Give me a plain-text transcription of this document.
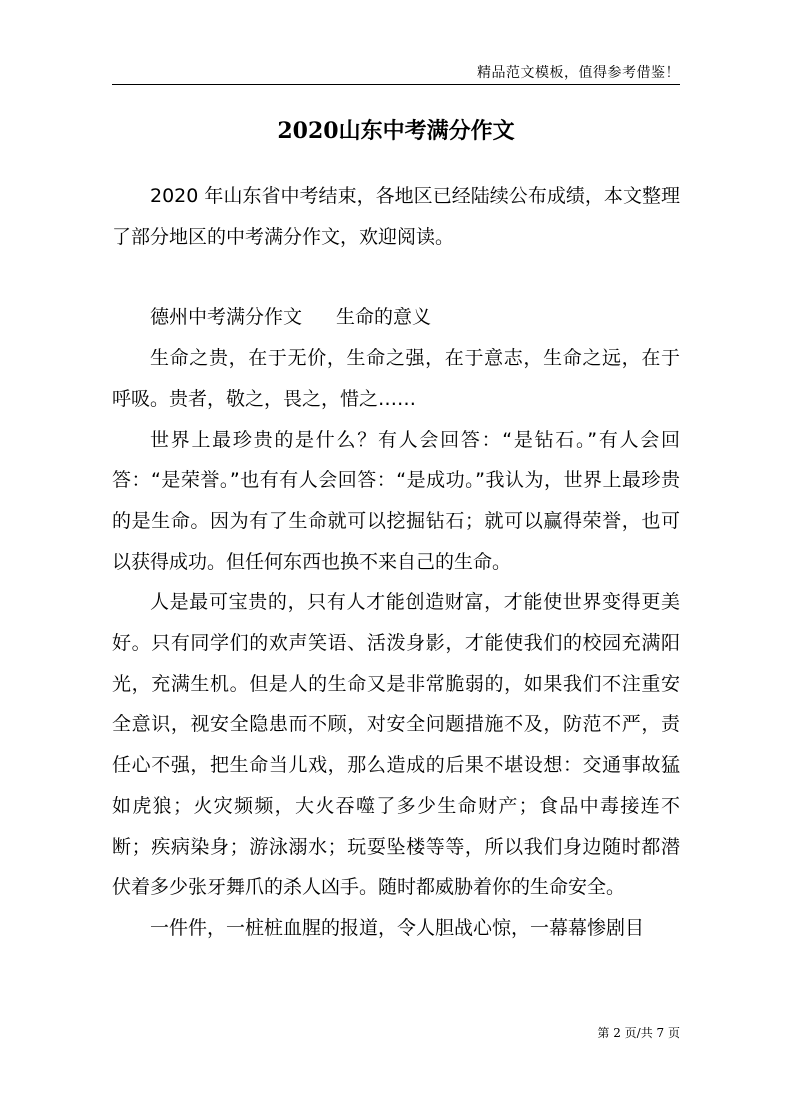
精品范文模板，值得参考借鉴！
2020山东中考满分作文

2020 年山东省中考结束，各地区已经陆续公布成绩，本文整理了部分地区的中考满分作文，欢迎阅读。

德州中考满分作文 生命的意义

生命之贵，在于无价，生命之强，在于意志，生命之远，在于呼吸。贵者，敬之，畏之，惜之……

世界上最珍贵的是什么？有人会回答：“是钻石。”有人会回答：“是荣誉。”也有有人会回答：“是成功。”我认为，世界上最珍贵的是生命。因为有了生命就可以挖掘钻石；就可以赢得荣誉，也可以获得成功。但任何东西也换不来自己的生命。

人是最可宝贵的，只有人才能创造财富，才能使世界变得更美好。只有同学们的欢声笑语、活泼身影，才能使我们的校园充满阳光，充满生机。但是人的生命又是非常脆弱的，如果我们不注重安全意识，视安全隐患而不顾，对安全问题措施不及，防范不严，责任心不强，把生命当儿戏，那么造成的后果不堪设想：交通事故猛如虎狼；火灾频频，大火吞噬了多少生命财产；食品中毒接连不断；疾病染身；游泳溺水；玩耍坠楼等等，所以我们身边随时都潜伏着多少张牙舞爪的杀人凶手。随时都威胁着你的生命安全。

一件件，一桩桩血腥的报道，令人胆战心惊，一幕幕惨剧目

第 2 页/共 7 页
